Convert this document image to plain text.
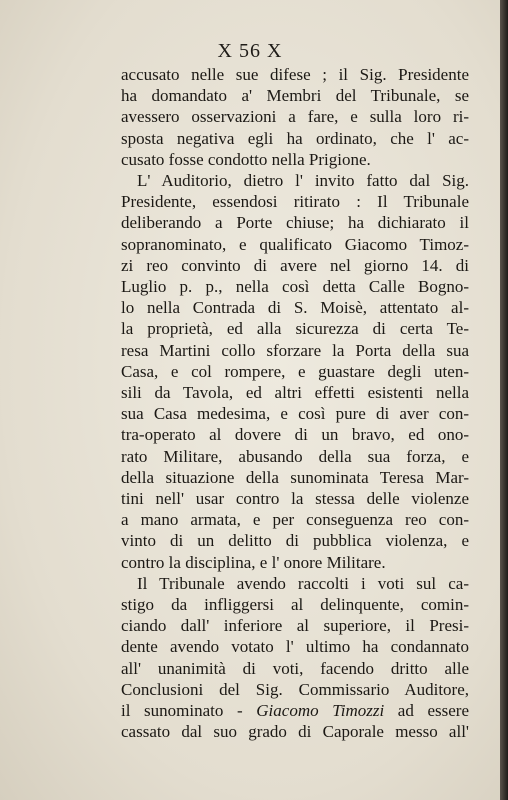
X 56 X
accusato nelle sue difese ; il Sig. Presidente
ha domandato a' Membri del Tribunale, se
avessero osservazioni a fare, e sulla loro ri-
sposta negativa egli ha ordinato, che l' ac-
cusato fosse condotto nella Prigione.
L' Auditorio, dietro l' invito fatto dal Sig.
Presidente, essendosi ritirato : Il Tribunale
deliberando a Porte chiuse; ha dichiarato il
sopranominato, e qualificato Giacomo Timoz-
zi reo convinto di avere nel giorno 14. di
Luglio p. p., nella così detta Calle Bogno-
lo nella Contrada di S. Moisè, attentato al-
la proprietà, ed alla sicurezza di certa Te-
resa Martini collo sforzare la Porta della sua
Casa, e col rompere, e guastare degli uten-
sili da Tavola, ed altri effetti esistenti nella
sua Casa medesima, e così pure di aver con-
tra-operato al dovere di un bravo, ed ono-
rato Militare, abusando della sua forza, e
della situazione della sunominata Teresa Mar-
tini nell' usar contro la stessa delle violenze
a mano armata, e per conseguenza reo con-
vinto di un delitto di pubblica violenza, e
contro la disciplina, e l' onore Militare.
Il Tribunale avendo raccolti i voti sul ca-
stigo da infliggersi al delinquente, comin-
ciando dall' inferiore al superiore, il Presi-
dente avendo votato l' ultimo ha condannato
all' unanimità di voti, facendo dritto alle
Conclusioni del Sig. Commissario Auditore,
il sunominato - Giacomo Timozzi ad essere
cassato dal suo grado di Caporale messo all'
